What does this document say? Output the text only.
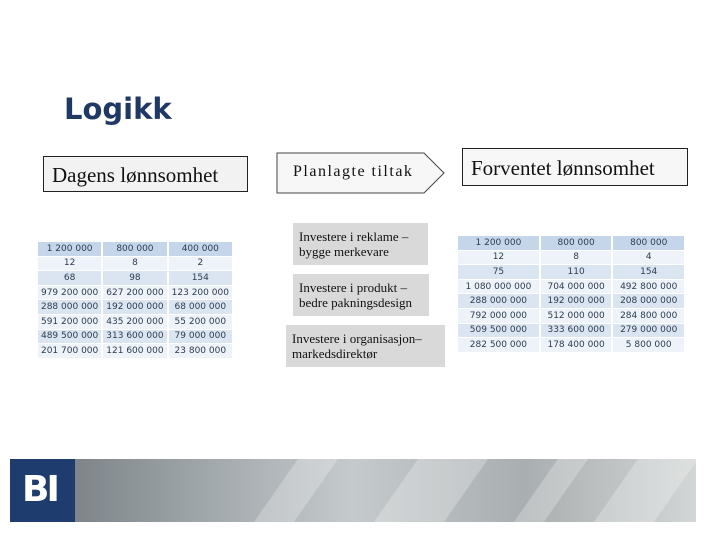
Logikk
Dagens lønnsomhet	Planlagte tiltak	Forventet lønnsomhet
Investere i reklame – bygge merkevare
Investere i produkt – bedre pakningsdesign
Investere i organisasjon– markedsdirektør
1 200 000	800 000	400 000
12	8	2
68	98	154
979 200 000	627 200 000	123 200 000
288 000 000	192 000 000	68 000 000
591 200 000	435 200 000	55 200 000
489 500 000	313 600 000	79 000 000
201 700 000	121 600 000	23 800 000
1 200 000	800 000	800 000
12	8	4
75	110	154
1 080 000 000	704 000 000	492 800 000
288 000 000	192 000 000	208 000 000
792 000 000	512 000 000	284 800 000
509 500 000	333 600 000	279 000 000
282 500 000	178 400 000	5 800 000
BI
